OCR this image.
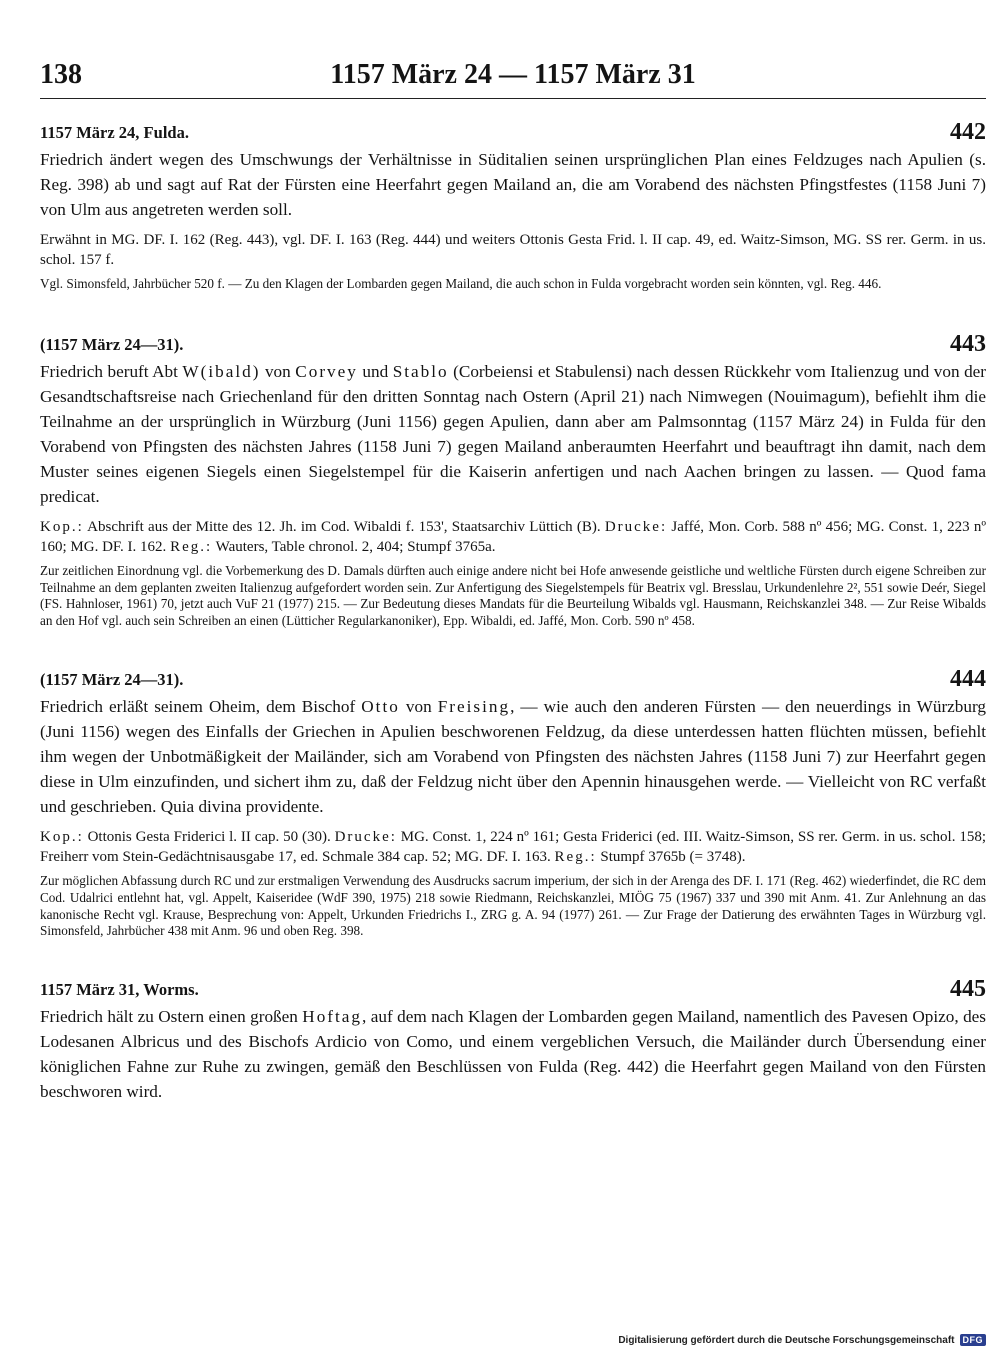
138	1157 März 24 — 1157 März 31
1157 März 24, Fulda.	442

Friedrich ändert wegen des Umschwungs der Verhältnisse in Süditalien seinen ursprünglichen Plan eines Feldzuges nach Apulien (s. Reg. 398) ab und sagt auf Rat der Fürsten eine Heerfahrt gegen Mailand an, die am Vorabend des nächsten Pfingstfestes (1158 Juni 7) von Ulm aus angetreten werden soll.

Erwähnt in MG. DF. I. 162 (Reg. 443), vgl. DF. I. 163 (Reg. 444) und weiters Ottonis Gesta Frid. l. II cap. 49, ed. Waitz-Simson, MG. SS rer. Germ. in us. schol. 157 f.

Vgl. Simonsfeld, Jahrbücher 520 f. — Zu den Klagen der Lombarden gegen Mailand, die auch schon in Fulda vorgebracht worden sein könnten, vgl. Reg. 446.

(1157 März 24—31).	443

Friedrich beruft Abt W(ibald) von Corvey und Stablo (Corbeiensi et Stabulensi) nach dessen Rückkehr vom Italienzug und von der Gesandtschaftsreise nach Griechenland für den dritten Sonntag nach Ostern (April 21) nach Nimwegen (Nouimagum), befiehlt ihm die Teilnahme an der ursprünglich in Würzburg (Juni 1156) gegen Apulien, dann aber am Palmsonntag (1157 März 24) in Fulda für den Vorabend von Pfingsten des nächsten Jahres (1158 Juni 7) gegen Mailand anberaumten Heerfahrt und beauftragt ihn damit, nach dem Muster seines eigenen Siegels einen Siegelstempel für die Kaiserin anfertigen und nach Aachen bringen zu lassen. — Quod fama predicat.

Kop.: Abschrift aus der Mitte des 12. Jh. im Cod. Wibaldi f. 153', Staatsarchiv Lüttich (B). Drucke: Jaffé, Mon. Corb. 588 nº 456; MG. Const. 1, 223 nº 160; MG. DF. I. 162. Reg.: Wauters, Table chronol. 2, 404; Stumpf 3765a.

Zur zeitlichen Einordnung vgl. die Vorbemerkung des D. Damals dürften auch einige andere nicht bei Hofe anwesende geistliche und weltliche Fürsten durch eigene Schreiben zur Teilnahme an dem geplanten zweiten Italienzug aufgefordert worden sein. Zur Anfertigung des Siegelstempels für Beatrix vgl. Bresslau, Urkundenlehre 2², 551 sowie Deér, Siegel (FS. Hahnloser, 1961) 70, jetzt auch VuF 21 (1977) 215. — Zur Bedeutung dieses Mandats für die Beurteilung Wibalds vgl. Hausmann, Reichskanzlei 348. — Zur Reise Wibalds an den Hof vgl. auch sein Schreiben an einen (Lütticher Regularkanoniker), Epp. Wibaldi, ed. Jaffé, Mon. Corb. 590 nº 458.

(1157 März 24—31).	444

Friedrich erläßt seinem Oheim, dem Bischof Otto von Freising, — wie auch den anderen Fürsten — den neuerdings in Würzburg (Juni 1156) wegen des Einfalls der Griechen in Apulien beschworenen Feldzug, da diese unterdessen hatten flüchten müssen, befiehlt ihm wegen der Unbotmäßigkeit der Mailänder, sich am Vorabend von Pfingsten des nächsten Jahres (1158 Juni 7) zur Heerfahrt gegen diese in Ulm einzufinden, und sichert ihm zu, daß der Feldzug nicht über den Apennin hinausgehen werde. — Vielleicht von RC verfaßt und geschrieben. Quia divina providente.

Kop.: Ottonis Gesta Friderici l. II cap. 50 (30). Drucke: MG. Const. 1, 224 nº 161; Gesta Friderici (ed. III. Waitz-Simson, SS rer. Germ. in us. schol. 158; Freiherr vom Stein-Gedächtnisausgabe 17, ed. Schmale 384 cap. 52; MG. DF. I. 163. Reg.: Stumpf 3765b (= 3748).

Zur möglichen Abfassung durch RC und zur erstmaligen Verwendung des Ausdrucks sacrum imperium, der sich in der Arenga des DF. I. 171 (Reg. 462) wiederfindet, die RC dem Cod. Udalrici entlehnt hat, vgl. Appelt, Kaiseridee (WdF 390, 1975) 218 sowie Riedmann, Reichskanzlei, MIÖG 75 (1967) 337 und 390 mit Anm. 41. Zur Anlehnung an das kanonische Recht vgl. Krause, Besprechung von: Appelt, Urkunden Friedrichs I., ZRG g. A. 94 (1977) 261. — Zur Frage der Datierung des erwähnten Tages in Würzburg vgl. Simonsfeld, Jahrbücher 438 mit Anm. 96 und oben Reg. 398.

1157 März 31, Worms.	445

Friedrich hält zu Ostern einen großen Hoftag, auf dem nach Klagen der Lombarden gegen Mailand, namentlich des Pavesen Opizo, des Lodesanen Albricus und des Bischofs Ardicio von Como, und einem vergeblichen Versuch, die Mailänder durch Übersendung einer königlichen Fahne zur Ruhe zu zwingen, gemäß den Beschlüssen von Fulda (Reg. 442) die Heerfahrt gegen Mailand von den Fürsten beschworen wird.

Digitalisierung gefördert durch die Deutsche Forschungsgemeinschaft DFG
